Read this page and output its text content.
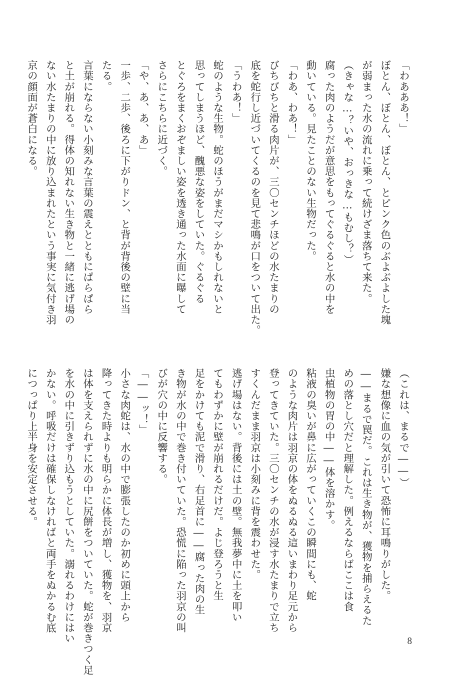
「わあああ！」
ぼとん、ぼとん、ぼとん、とピンク色のぶよぶよした塊
が弱まった水の流れに乗って続けざま落ちて来た。
（きゃな…？いや、おっきな…もむし？）
腐った肉のようだが意思をもってぐるぐると水の中を
動いている。見たことのない生物だった。
「わあ、わあ！」
びちびちと滑る肉片が、三〇センチほどの水たまりの
底を蛇行し近づいてくるのを見て悲鳴が口をついて出た。
「うわあ！」
蛇のような生物。蛇のほうがまだマシかもしれないと
思ってしまうほど、醜悪な姿をしていた。ぐるぐる
とぐろをまくおぞましい姿を透き通った水面に曝して
さらにこちらに近づく。
「や、あ、あ、あ」
一歩、二歩、後ろに下がりドン、と背が背後の壁に当
たる。
言葉にならない小刻みな言葉の震えとともにぱらぱら
と土が崩れる。得体の知れない生き物と一緒に逃げ場の
ない水たまりの中に放り込まれたという事実に気付き羽
京の顔面が蒼白になる。
（これは、まるで――）
嫌な想像に血の気が引いて恐怖に耳鳴りがした。
――まるで罠だ。これは生き物が、獲物を捕らえるた
めの落とし穴だと理解した。例えるならばここは食
虫植物の胃の中――体を溶かす。
粘液の臭いが鼻に広がっていくこの瞬間にも、蛇
のような肉片は羽京の体をぬるぬる這いまわり足元から
登ってきていた。三〇センチの水が浸す水たまりで立ち
すくんだまま羽京は小刻みに背を震わせた。
逃げ場はない。背後には土の壁。無我夢中に土を叩い
てもわずかに壁が崩れるだけだ。よじ登ろうと生
足をかけても泥で滑り、右足首に――腐った肉の生
き物が水の中で巻き付いていた。恐慌に陥った羽京の叫
びが穴の中に反響する。
「――ッ！」
小さな肉蛇は、水の中で膨張したのか初めに頭上から
降ってきた時よりも明らかに体長が増し、獲物を、羽京
は体を支えられずに水の中に尻餅をついていた。蛇が巻きつく足
を水の中に引きずり込もうとしていた。溺れるわけにはい
かない。呼吸だけは確保しなければと両手をぬかるむ底
につっぱり上半身を安定させる。
8
